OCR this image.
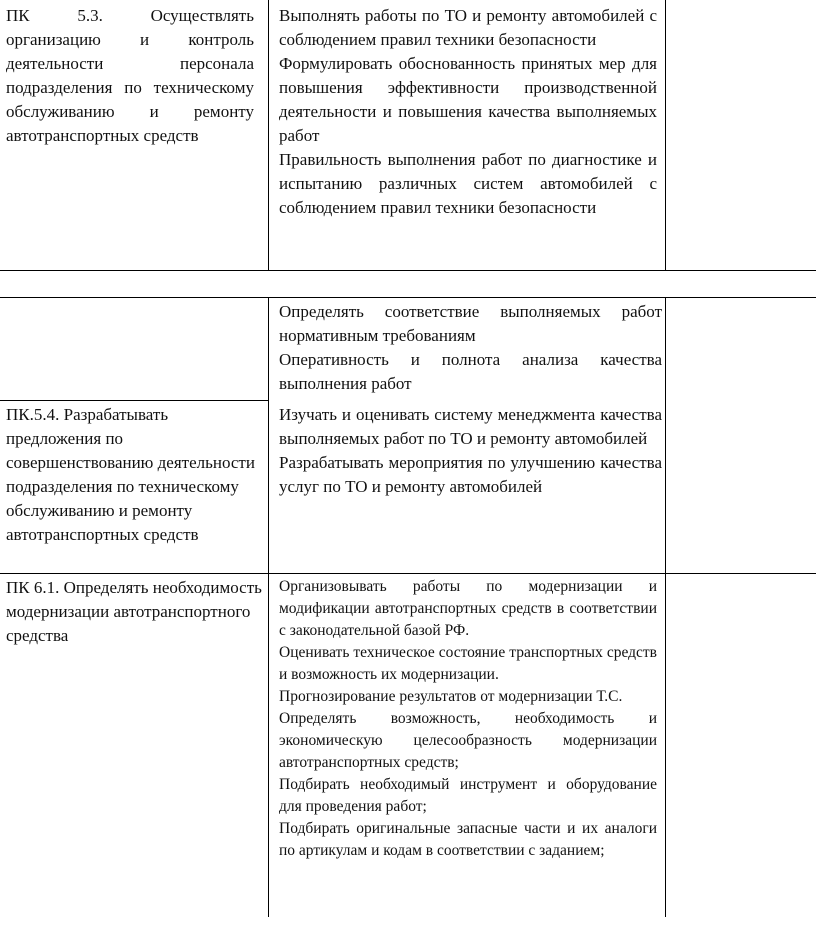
ПК 5.3. Осуществлять организацию и контроль деятельности персонала подразделения по техническому обслуживанию и ремонту автотранспортных средств

Выполнять работы по ТО и ремонту автомобилей с соблюдением правил техники безопасности

Формулировать обоснованность принятых мер для повышения эффективности производственной деятельности и повышения качества выполняемых работ

Правильность выполнения работ по диагностике и испытанию различных систем автомобилей с соблюдением правил техники безопасности

Определять соответствие выполняемых работ нормативным требованиям

Оперативность и полнота анализа качества выполнения работ

ПК.5.4. Разрабатывать предложения по совершенствованию деятельности подразделения по техническому обслуживанию и ремонту автотранспортных средств

Изучать и оценивать систему менеджмента качества выполняемых работ по ТО и ремонту автомобилей

Разрабатывать мероприятия по улучшению качества услуг по ТО и ремонту автомобилей

ПК 6.1. Определять необходимость модернизации автотранспортного средства

Организовывать работы по модернизации и модификации автотранспортных средств в соответствии с законодательной базой РФ.

Оценивать техническое состояние транспортных средств и возможность их модернизации.

Прогнозирование результатов от модернизации Т.С.

Определять возможность, необходимость и экономическую целесообразность модернизации автотранспортных средств;

Подбирать необходимый инструмент и оборудование для проведения работ;

Подбирать оригинальные запасные части и их аналоги по артикулам и кодам в соответствии с заданием;
